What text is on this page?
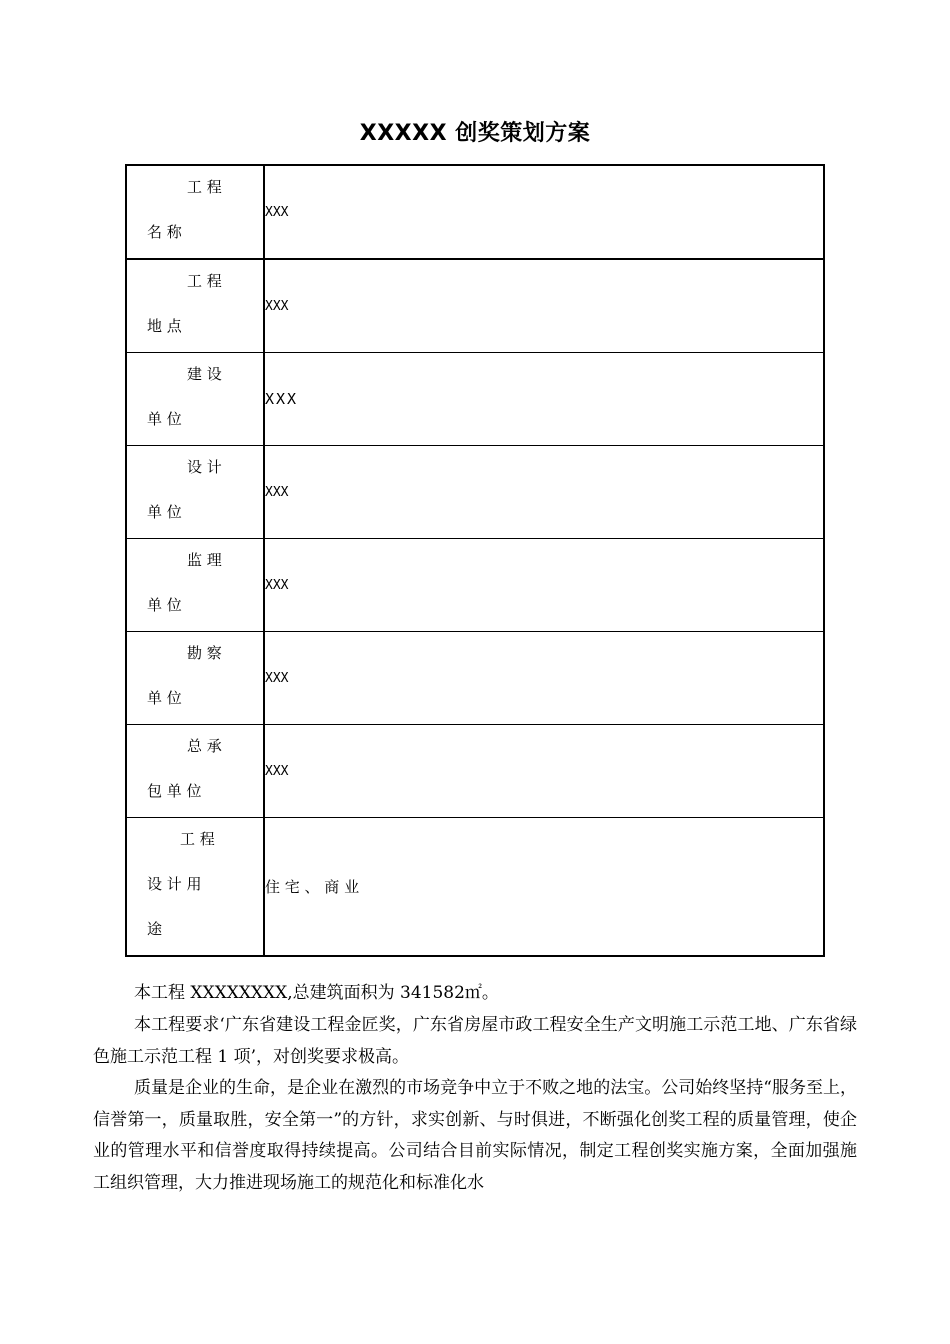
XXXXX 创奖策划方案
工 程
名 称	XXX

工 程
地 点	XXX

建 设
单 位	XXX

设 计
单 位	XXX

监 理
单 位	XXX

勘 察
单 位	XXX

总 承
包 单 位	XXX

工 程
设 计 用
途	住 宅 、 商 业
本工程 XXXXXXXX,总建筑面积为 341582㎡。
本工程要求‘广东省建设工程金匠奖，广东省房屋市政工程安全生产文明施工示范工地、广东省绿色施工示范工程 1 项’，对创奖要求极高。
质量是企业的生命，是企业在激烈的市场竞争中立于不败之地的法宝。公司始终坚持“服务至上，信誉第一，质量取胜，安全第一”的方针，求实创新、与时俱进，不断强化创奖工程的质量管理，使企业的管理水平和信誉度取得持续提高。公司结合目前实际情况，制定工程创奖实施方案，全面加强施工组织管理，大力推进现场施工的规范化和标准化水
